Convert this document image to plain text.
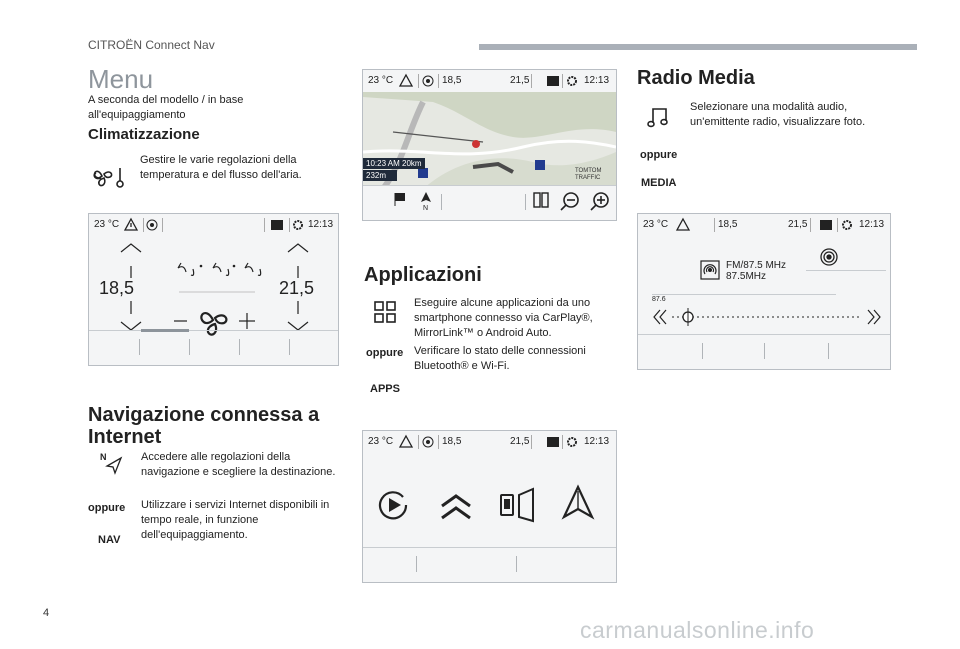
CITROËN Connect Nav
Menu
A seconda del modello / in base all'equipaggiamento
Climatizzazione
Gestire le varie regolazioni della temperatura e del flusso dell'aria.
23 °C	12:13
18,5	21,5
Navigazione connessa a Internet
N	Accedere alle regolazioni della navigazione e scegliere la destinazione.
oppure Utilizzare i servizi Internet disponibili in tempo reale, in funzione dell'equipaggiamento.
NAV
23 °C	18,5	21,5	12:13
10:23 AM 20km
232m	TOMTOM TRAFFIC
N
Applicazioni
Eseguire alcune applicazioni da uno smartphone connesso via CarPlay®, MirrorLink™ o Android Auto.
oppure Verificare lo stato delle connessioni Bluetooth® e Wi-Fi.
APPS
23 °C	18,5	21,5	12:13
Radio Media
Selezionare una modalità audio, un'emittente radio, visualizzare foto.
oppure
MEDIA
23 °C	18,5	21,5	12:13
FM/87.5 MHz
87.5MHz
87.6
4
carmanualsonline.info
